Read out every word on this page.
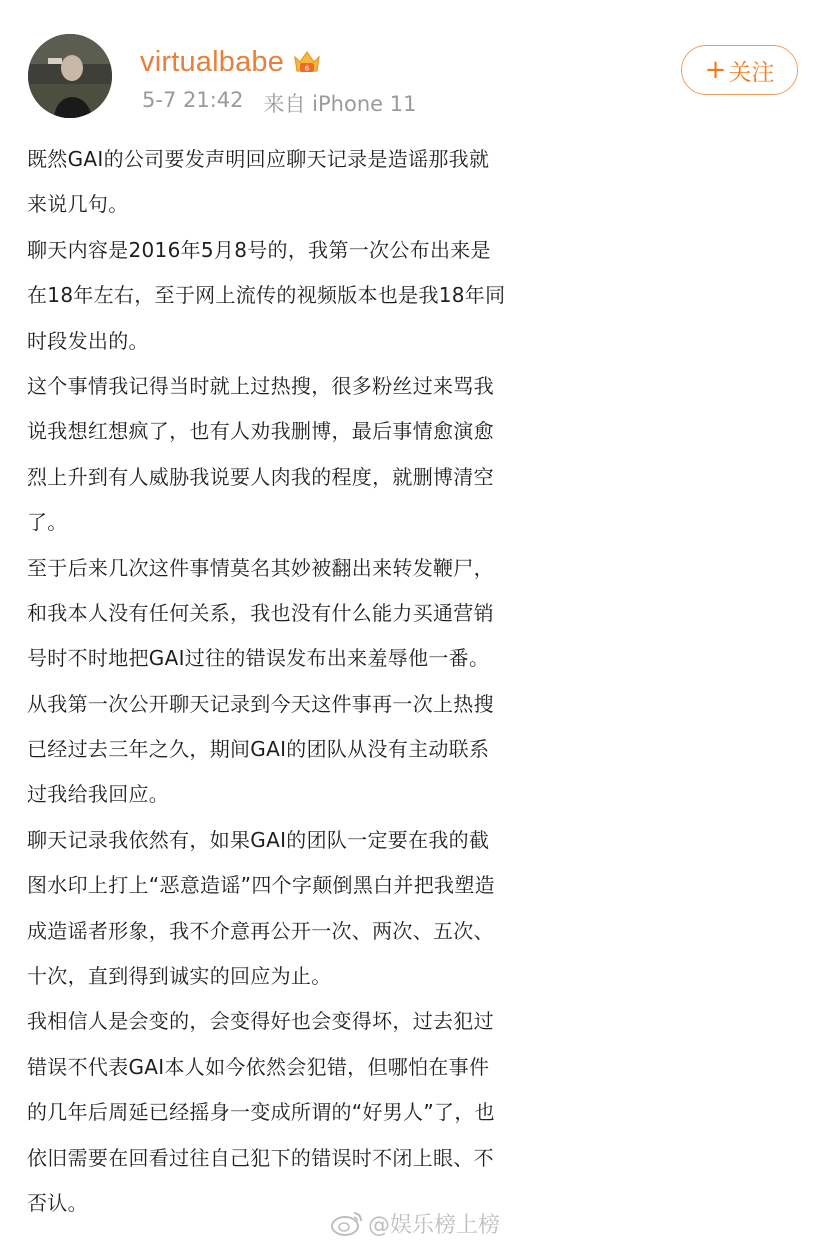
virtualbabe	6
5-7 21:42 来自 iPhone 11
+ 关注
既然GAI的公司要发声明回应聊天记录是造谣那我就
来说几句。
聊天内容是2016年5月8号的，我第一次公布出来是
在18年左右，至于网上流传的视频版本也是我18年同
时段发出的。
这个事情我记得当时就上过热搜，很多粉丝过来骂我
说我想红想疯了，也有人劝我删博，最后事情愈演愈
烈上升到有人威胁我说要人肉我的程度，就删博清空
了。
至于后来几次这件事情莫名其妙被翻出来转发鞭尸，
和我本人没有任何关系，我也没有什么能力买通营销
号时不时地把GAI过往的错误发布出来羞辱他一番。
从我第一次公开聊天记录到今天这件事再一次上热搜
已经过去三年之久，期间GAI的团队从没有主动联系
过我给我回应。
聊天记录我依然有，如果GAI的团队一定要在我的截
图水印上打上“恶意造谣”四个字颠倒黑白并把我塑造
成造谣者形象，我不介意再公开一次、两次、五次、
十次，直到得到诚实的回应为止。
我相信人是会变的，会变得好也会变得坏，过去犯过
错误不代表GAI本人如今依然会犯错，但哪怕在事件
的几年后周延已经摇身一变成所谓的“好男人”了，也
依旧需要在回看过往自己犯下的错误时不闭上眼、不
否认。
@娱乐榜上榜
